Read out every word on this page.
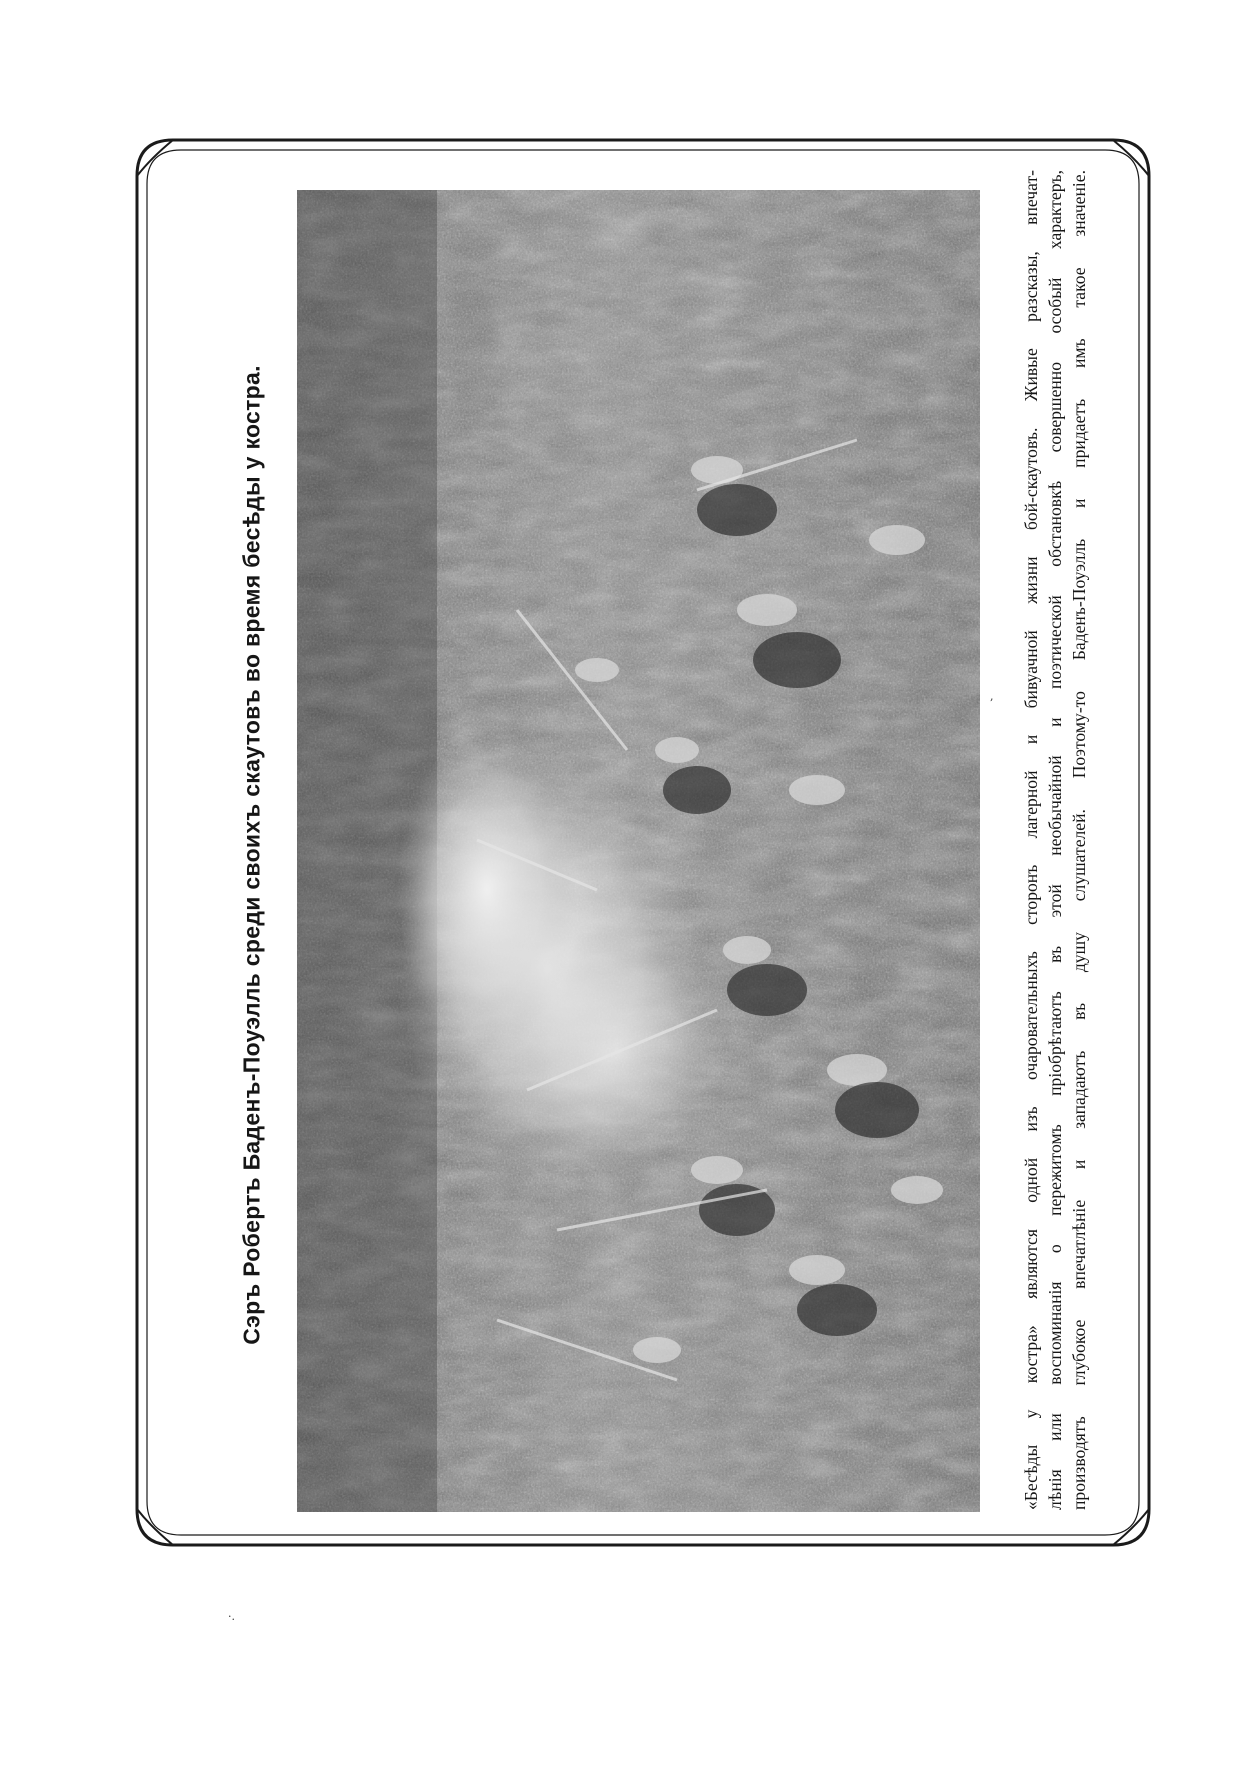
Сэръ Робертъ Баденъ-Поуэлль среди своихъ скаутовъ во время бесѣды у костра.	«Бесѣды у костра» являются одной изъ очаровательныхъ сторонъ лагерной и бивуачной жизни бой-скаутовъ. Живые разсказы, впечат- лѣнія или воспоминанія о пережитомъ пріобрѣтаютъ въ этой необычайной и поэтической обстановкѣ совершенно особый характеръ, производятъ глубокое впечатлѣніе и западаютъ въ душу слушателей. Поэтому-то Баденъ-Поуэлль и придаетъ имъ такое значеніе.

,
·.
